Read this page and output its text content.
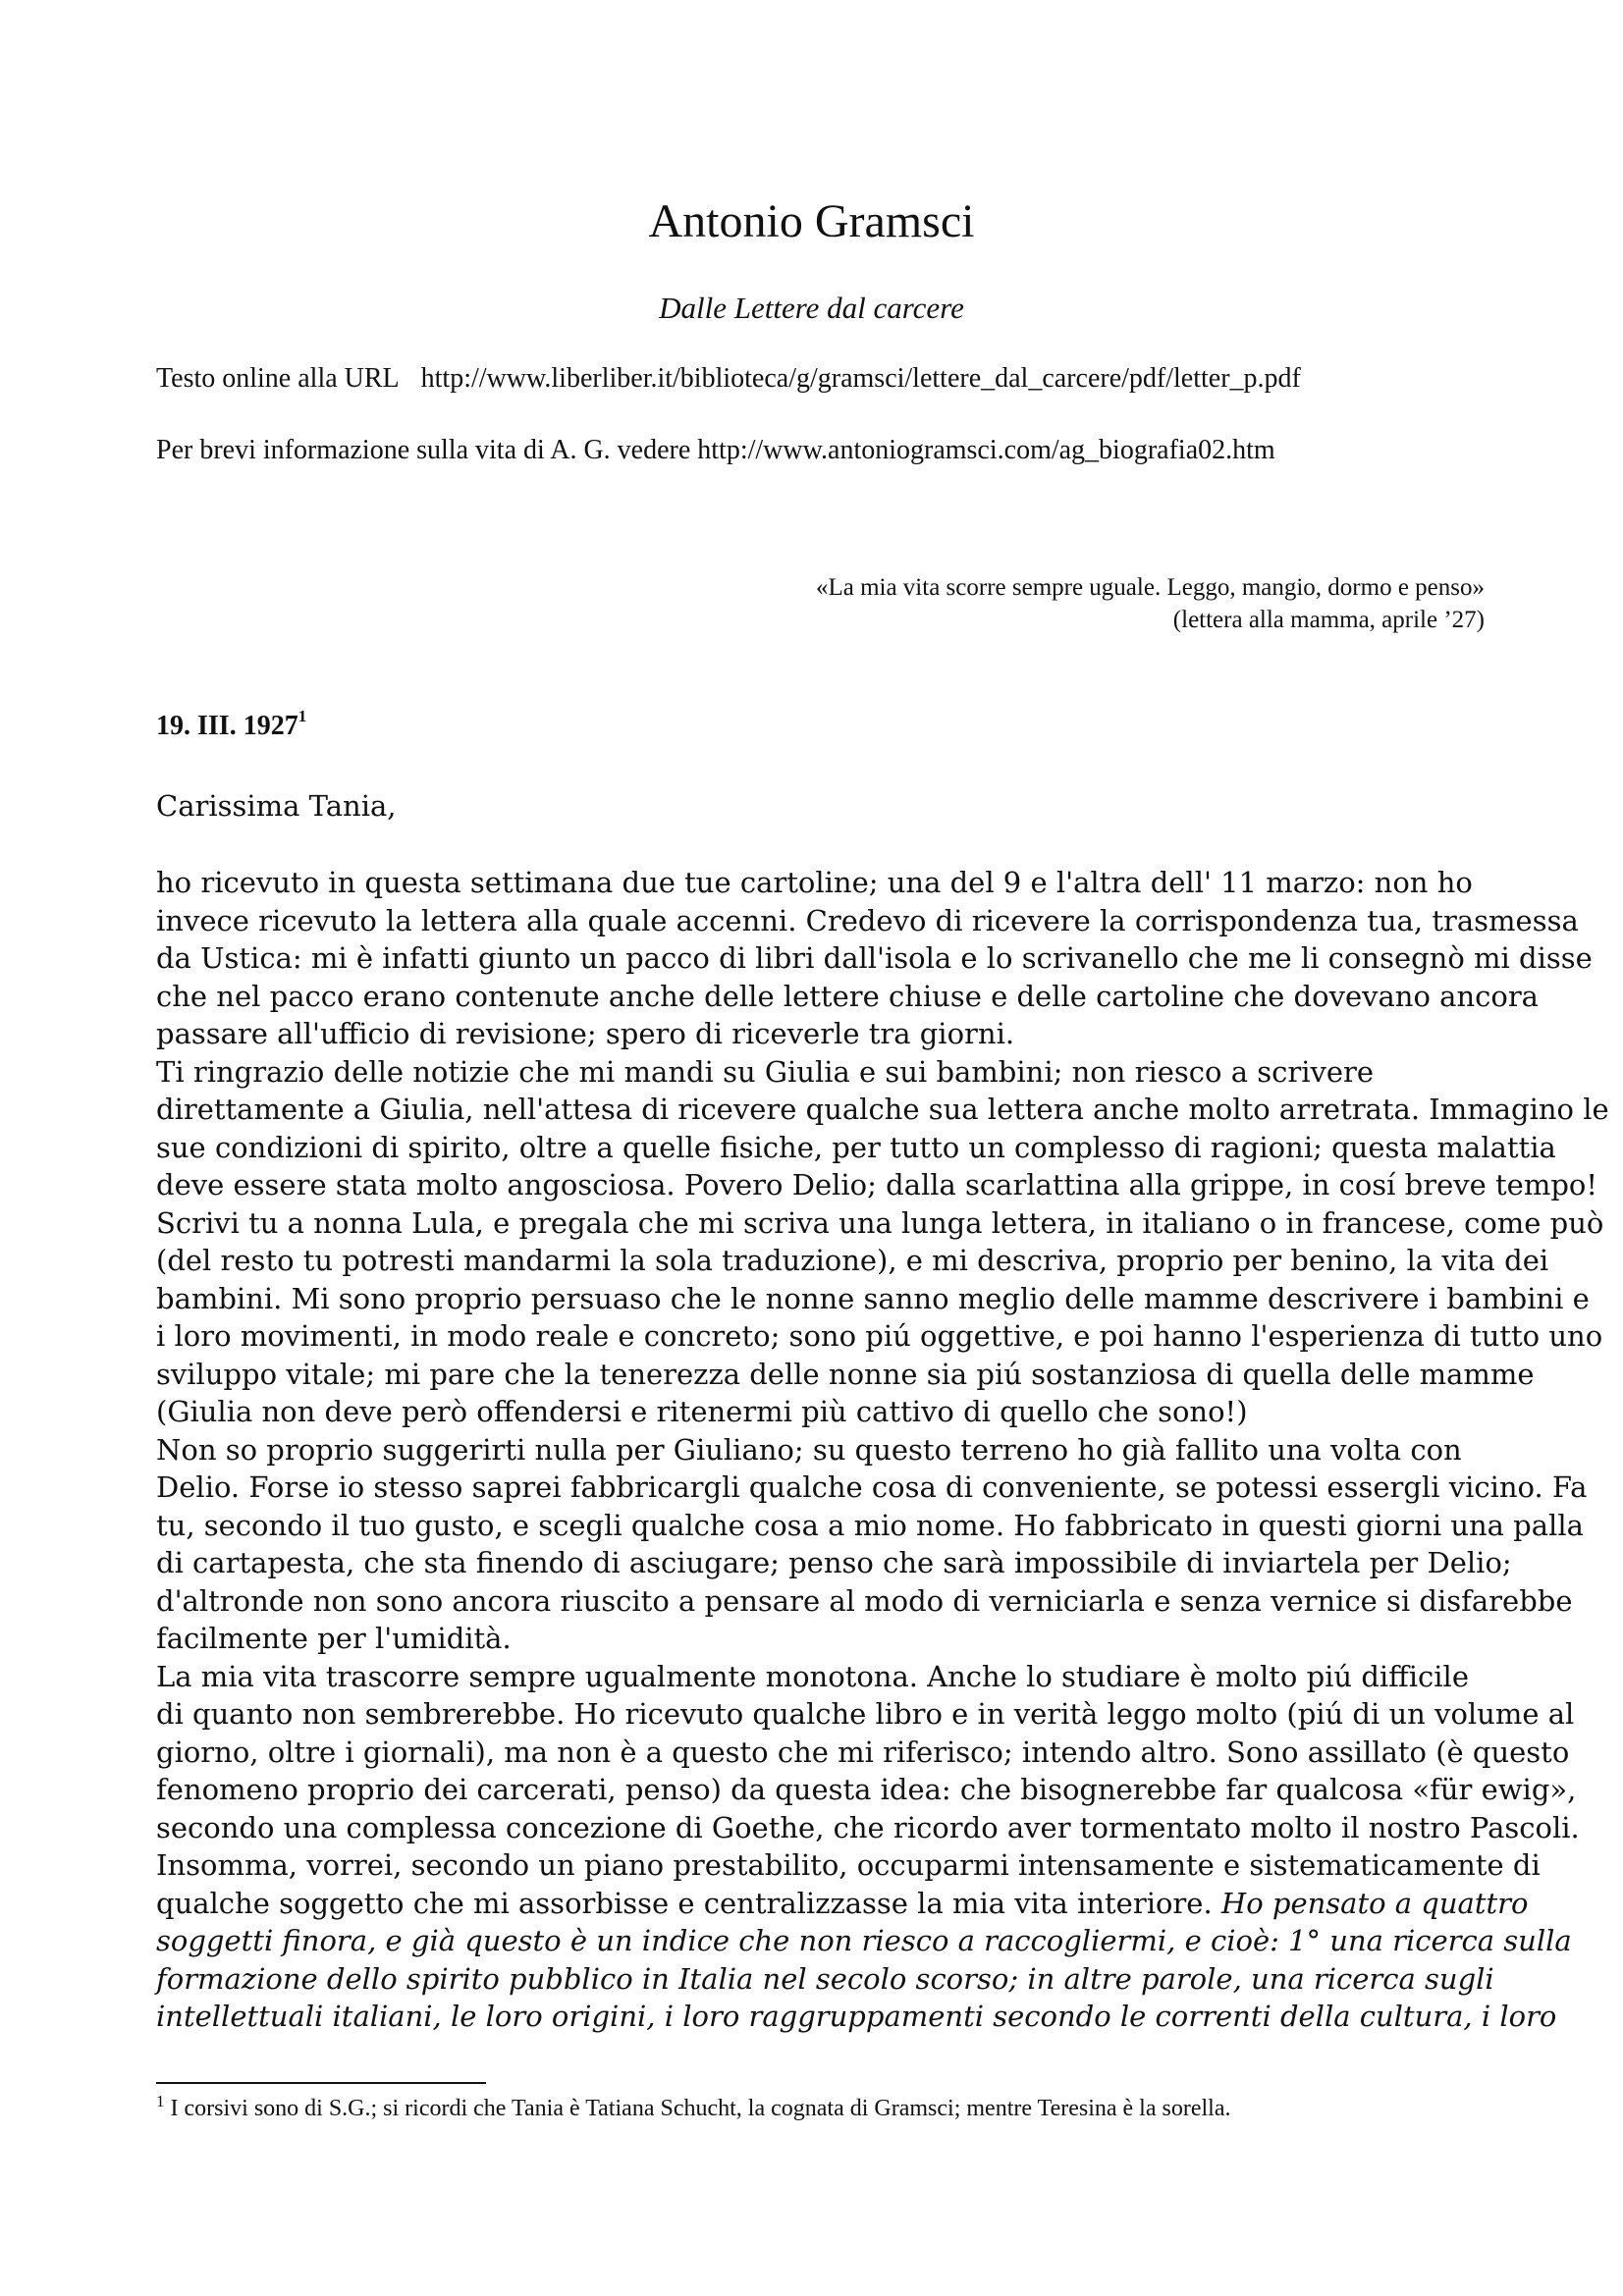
Antonio Gramsci
Dalle Lettere dal carcere
Testo online alla URL http://www.liberliber.it/biblioteca/g/gramsci/lettere_dal_carcere/pdf/letter_p.pdf
Per brevi informazione sulla vita di A. G. vedere http://www.antoniogramsci.com/ag_biografia02.htm
«La mia vita scorre sempre uguale. Leggo, mangio, dormo e penso»
(lettera alla mamma, aprile ’27)
19. III. 1927$^1$
Carissima Tania,
ho ricevuto in questa settimana due tue cartoline; una del 9 e l'altra dell' 11 marzo: non ho
invece ricevuto la lettera alla quale accenni. Credevo di ricevere la corrispondenza tua, trasmessa
da Ustica: mi è infatti giunto un pacco di libri dall'isola e lo scrivanello che me li consegnò mi disse
che nel pacco erano contenute anche delle lettere chiuse e delle cartoline che dovevano ancora
passare all'ufficio di revisione; spero di riceverle tra giorni.
Ti ringrazio delle notizie che mi mandi su Giulia e sui bambini; non riesco a scrivere
direttamente a Giulia, nell'attesa di ricevere qualche sua lettera anche molto arretrata. Immagino le
sue condizioni di spirito, oltre a quelle fisiche, per tutto un complesso di ragioni; questa malattia
deve essere stata molto angosciosa. Povero Delio; dalla scarlattina alla grippe, in cosí breve tempo!
Scrivi tu a nonna Lula, e pregala che mi scriva una lunga lettera, in italiano o in francese, come può
(del resto tu potresti mandarmi la sola traduzione), e mi descriva, proprio per benino, la vita dei
bambini. Mi sono proprio persuaso che le nonne sanno meglio delle mamme descrivere i bambini e
i loro movimenti, in modo reale e concreto; sono piú oggettive, e poi hanno l'esperienza di tutto uno
sviluppo vitale; mi pare che la tenerezza delle nonne sia piú sostanziosa di quella delle mamme
(Giulia non deve però offendersi e ritenermi più cattivo di quello che sono!)
Non so proprio suggerirti nulla per Giuliano; su questo terreno ho già fallito una volta con
Delio. Forse io stesso saprei fabbricargli qualche cosa di conveniente, se potessi essergli vicino. Fa
tu, secondo il tuo gusto, e scegli qualche cosa a mio nome. Ho fabbricato in questi giorni una palla
di cartapesta, che sta finendo di asciugare; penso che sarà impossibile di inviartela per Delio;
d'altronde non sono ancora riuscito a pensare al modo di verniciarla e senza vernice si disfarebbe
facilmente per l'umidità.
La mia vita trascorre sempre ugualmente monotona. Anche lo studiare è molto piú difficile
di quanto non sembrerebbe. Ho ricevuto qualche libro e in verità leggo molto (piú di un volume al
giorno, oltre i giornali), ma non è a questo che mi riferisco; intendo altro. Sono assillato (è questo
fenomeno proprio dei carcerati, penso) da questa idea: che bisognerebbe far qualcosa «für ewig»,
secondo una complessa concezione di Goethe, che ricordo aver tormentato molto il nostro Pascoli.
Insomma, vorrei, secondo un piano prestabilito, occuparmi intensamente e sistematicamente di
qualche soggetto che mi assorbisse e centralizzasse la mia vita interiore. Ho pensato a quattro
soggetti finora, e già questo è un indice che non riesco a raccogliermi, e cioè: 1° una ricerca sulla
formazione dello spirito pubblico in Italia nel secolo scorso; in altre parole, una ricerca sugli
intellettuali italiani, le loro origini, i loro raggruppamenti secondo le correnti della cultura, i loro
$^1$ I corsivi sono di S.G.; si ricordi che Tania è Tatiana Schucht, la cognata di Gramsci; mentre Teresina è la sorella.
